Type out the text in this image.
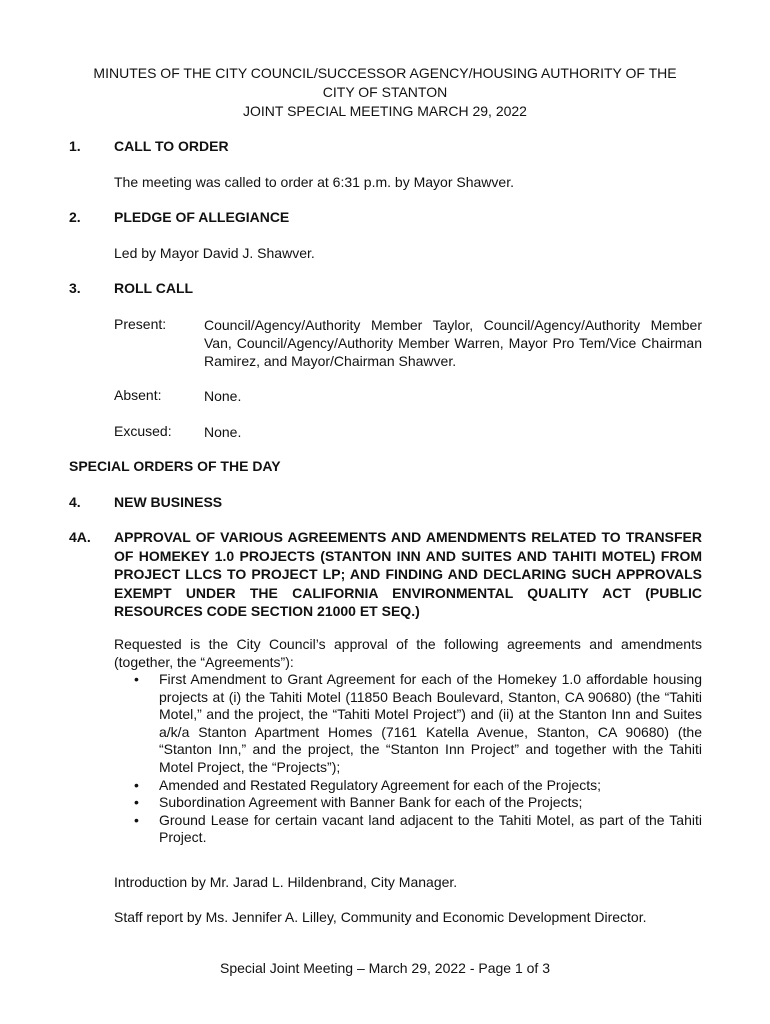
MINUTES OF THE CITY COUNCIL/SUCCESSOR AGENCY/HOUSING AUTHORITY OF THE
CITY OF STANTON
JOINT SPECIAL MEETING MARCH 29, 2022
1. CALL TO ORDER
The meeting was called to order at 6:31 p.m. by Mayor Shawver.
2. PLEDGE OF ALLEGIANCE
Led by Mayor David J. Shawver.
3. ROLL CALL
Present:	Council/Agency/Authority Member Taylor, Council/Agency/Authority Member Van, Council/Agency/Authority Member Warren, Mayor Pro Tem/Vice Chairman Ramirez, and Mayor/Chairman Shawver.
Absent:	None.
Excused: None.
SPECIAL ORDERS OF THE DAY
4. NEW BUSINESS
4A. APPROVAL OF VARIOUS AGREEMENTS AND AMENDMENTS RELATED TO TRANSFER OF HOMEKEY 1.0 PROJECTS (STANTON INN AND SUITES AND TAHITI MOTEL) FROM PROJECT LLCS TO PROJECT LP; AND FINDING AND DECLARING SUCH APPROVALS EXEMPT UNDER THE CALIFORNIA ENVIRONMENTAL QUALITY ACT (PUBLIC RESOURCES CODE SECTION 21000 ET SEQ.)
Requested is the City Council’s approval of the following agreements and amendments (together, the “Agreements”):
• First Amendment to Grant Agreement for each of the Homekey 1.0 affordable housing projects at (i) the Tahiti Motel (11850 Beach Boulevard, Stanton, CA 90680) (the “Tahiti Motel,” and the project, the “Tahiti Motel Project”) and (ii) at the Stanton Inn and Suites a/k/a Stanton Apartment Homes (7161 Katella Avenue, Stanton, CA 90680) (the “Stanton Inn,” and the project, the “Stanton Inn Project” and together with the Tahiti Motel Project, the “Projects”);
• Amended and Restated Regulatory Agreement for each of the Projects;
• Subordination Agreement with Banner Bank for each of the Projects;
• Ground Lease for certain vacant land adjacent to the Tahiti Motel, as part of the Tahiti Project.
Introduction by Mr. Jarad L. Hildenbrand, City Manager.
Staff report by Ms. Jennifer A. Lilley, Community and Economic Development Director.
Special Joint Meeting – March 29, 2022 - Page 1 of 3
